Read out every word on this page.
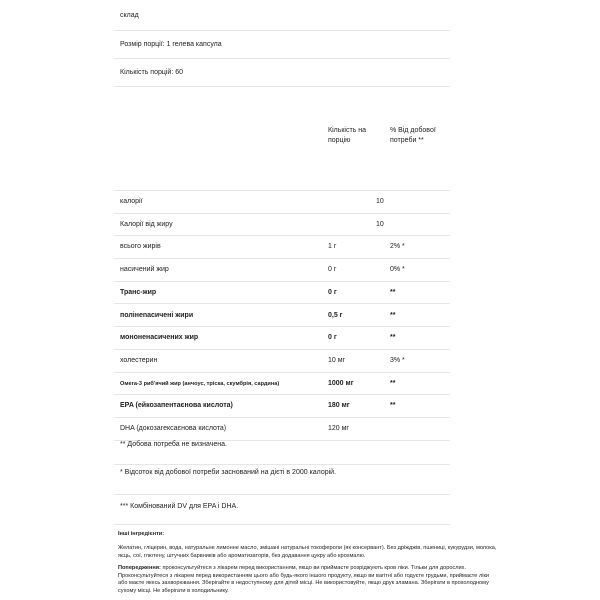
склад
Розмір порції: 1 гелева капсула
Кількість порцій: 60
Кількість на порцію
% Від добової потреби **
калорії	10
Калорії від жиру	10
всього жирів	1 г	2% *
насичений жир	0 г	0% *
Транс-жир	0 г	**
полінenaсичені жири	0,5 г	**
мононенасичених жир	0 г	**
холестерин	10 мг	3% *
Омега-3 риб'ячий жир (анчоус, тріска, скумбрія, сардина)	1000 мг	**
EPA (ейкозапентаєнова кислота)	180 мг	**
DHA (докозагексаєнова кислота)	120 мг
** Добова потреба не визначена.
* Відсоток від добової потреби заснований на дієті в 2000 калорій.
*** Комбінований DV для EPA і DHA.
Інші інгредієнти:
Желатин, гліцерин, вода, натуральне лимонне масло, змішані натуральні токофероли (як консервант). Без дріжджів, пшениці, кукурудзи, молока, яєць, сої, глютену, штучних барвників або ароматизаторів, без додавання цукру або крохмалю.
Попередження: проконсультуйтеся з лікарем перед використанням, якщо ви приймаєте розріджують кров ліки. Тільки для дорослих. Проконсультуйтеся з лікарем перед використанням цього або будь-якого іншого продукту, якщо ви вагітні або годуєте грудьми, приймаєте ліки або маєте якесь захворювання. Зберігайте в недоступному для дітей місці. Не використовуйте, якщо друк зламана. Зберігати в прохолодному сухому місці. Не зберігати в холодильнику.
